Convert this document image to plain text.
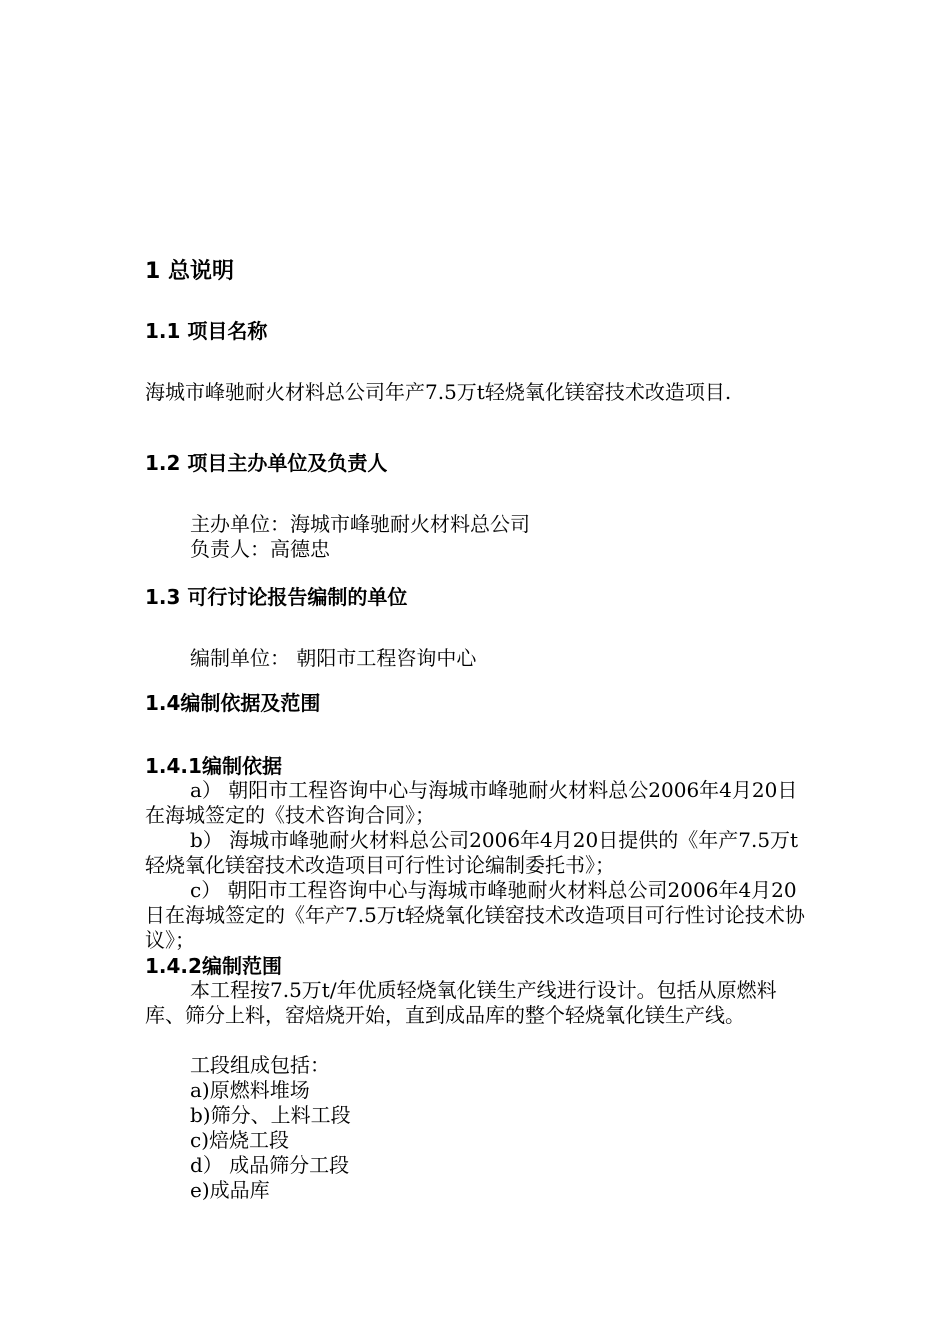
1 总说明
1.1 项目名称
海城市峰驰耐火材料总公司年产7.5万t轻烧氧化镁窑技术改造项目.
1.2 项目主办单位及负责人
主办单位：海城市峰驰耐火材料总公司
负责人：高德忠
1.3 可行讨论报告编制的单位
编制单位： 朝阳市工程咨询中心
1.4编制依据及范围
1.4.1编制依据
a） 朝阳市工程咨询中心与海城市峰驰耐火材料总公2006年4月20日在海城签定的《技术咨询合同》；
b） 海城市峰驰耐火材料总公司2006年4月20日提供的《年产7.5万t轻烧氧化镁窑技术改造项目可行性讨论编制委托书》；
c） 朝阳市工程咨询中心与海城市峰驰耐火材料总公司2006年4月20日在海城签定的《年产7.5万t轻烧氧化镁窑技术改造项目可行性讨论技术协议》；
1.4.2编制范围
本工程按7.5万t/年优质轻烧氧化镁生产线进行设计。包括从原燃料库、筛分上料，窑焙烧开始，直到成品库的整个轻烧氧化镁生产线。
工段组成包括：
a)原燃料堆场
b)筛分、上料工段
c)焙烧工段
d） 成品筛分工段
e)成品库
